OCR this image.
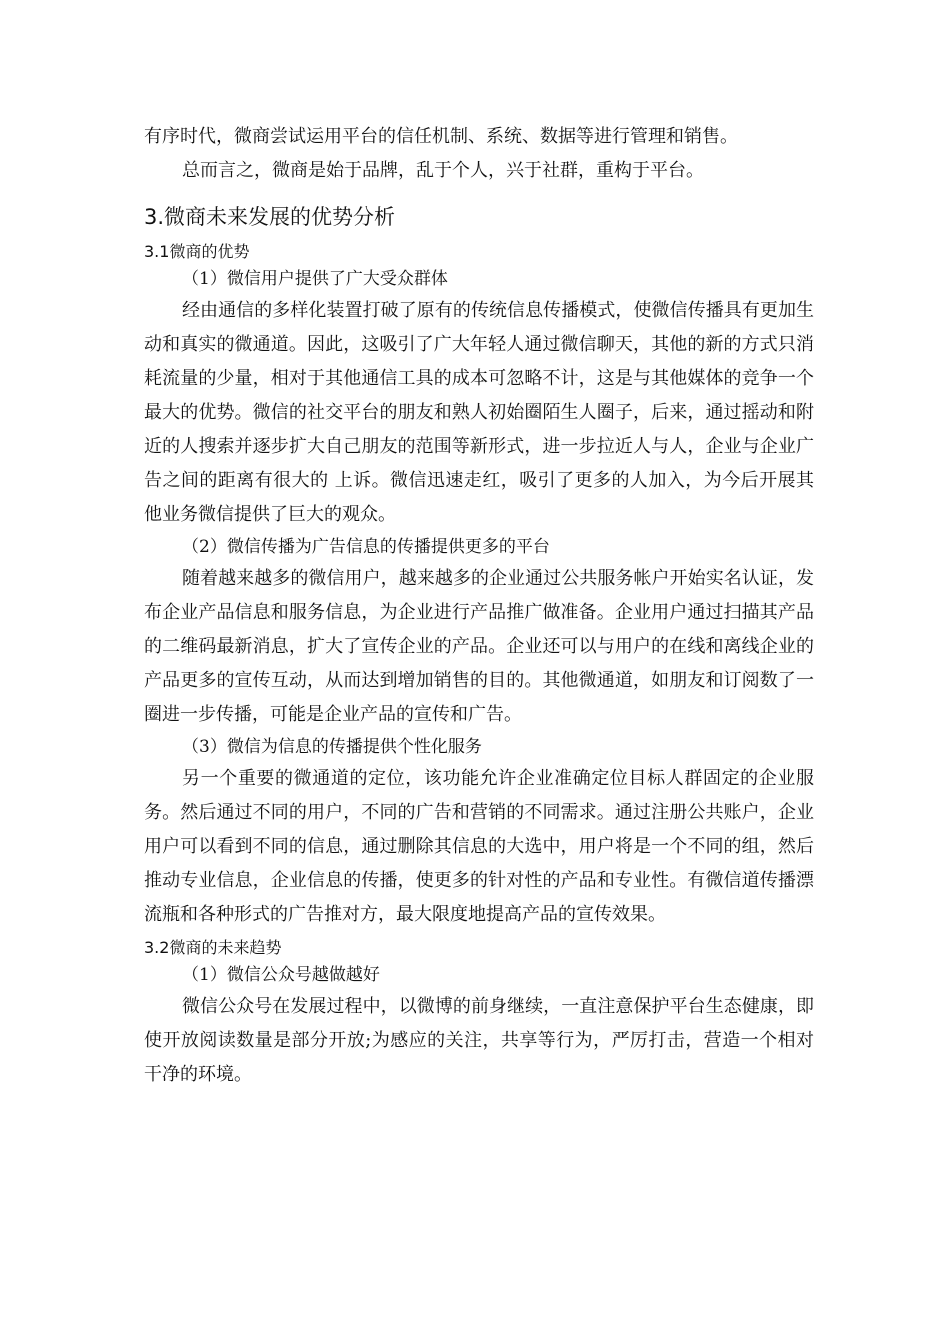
有序时代，微商尝试运用平台的信任机制、系统、数据等进行管理和销售。

总而言之，微商是始于品牌，乱于个人，兴于社群，重构于平台。

3.微商未来发展的优势分析
3.1微商的优势

（1）微信用户提供了广大受众群体

经由通信的多样化装置打破了原有的传统信息传播模式，使微信传播具有更加生动和真实的微通道。因此，这吸引了广大年轻人通过微信聊天，其他的新的方式只消耗流量的少量，相对于其他通信工具的成本可忽略不计，这是与其他媒体的竞争一个最大的优势。微信的社交平台的朋友和熟人初始圈陌生人圈子，后来，通过摇动和附近的人搜索并逐步扩大自己朋友的范围等新形式，进一步拉近人与人，企业与企业广告之间的距离有很大的 上诉。微信迅速走红，吸引了更多的人加入，为今后开展其他业务微信提供了巨大的观众。

（2）微信传播为广告信息的传播提供更多的平台

随着越来越多的微信用户，越来越多的企业通过公共服务帐户开始实名认证，发布企业产品信息和服务信息，为企业进行产品推广做准备。企业用户通过扫描其产品的二维码最新消息，扩大了宣传企业的产品。企业还可以与用户的在线和离线企业的产品更多的宣传互动，从而达到增加销售的目的。其他微通道，如朋友和订阅数了一圈进一步传播，可能是企业产品的宣传和广告。

（3）微信为信息的传播提供个性化服务

另一个重要的微通道的定位，该功能允许企业准确定位目标人群固定的企业服务。然后通过不同的用户，不同的广告和营销的不同需求。通过注册公共账户，企业用户可以看到不同的信息，通过删除其信息的大选中，用户将是一个不同的组，然后推动专业信息，企业信息的传播，使更多的针对性的产品和专业性。有微信道传播漂流瓶和各种形式的广告推对方，最大限度地提高产品的宣传效果。

3.2微商的未来趋势

（1）微信公众号越做越好

微信公众号在发展过程中，以微博的前身继续，一直注意保护平台生态健康，即使开放阅读数量是部分开放;为感应的关注，共享等行为，严厉打击，营造一个相对干净的环境。
